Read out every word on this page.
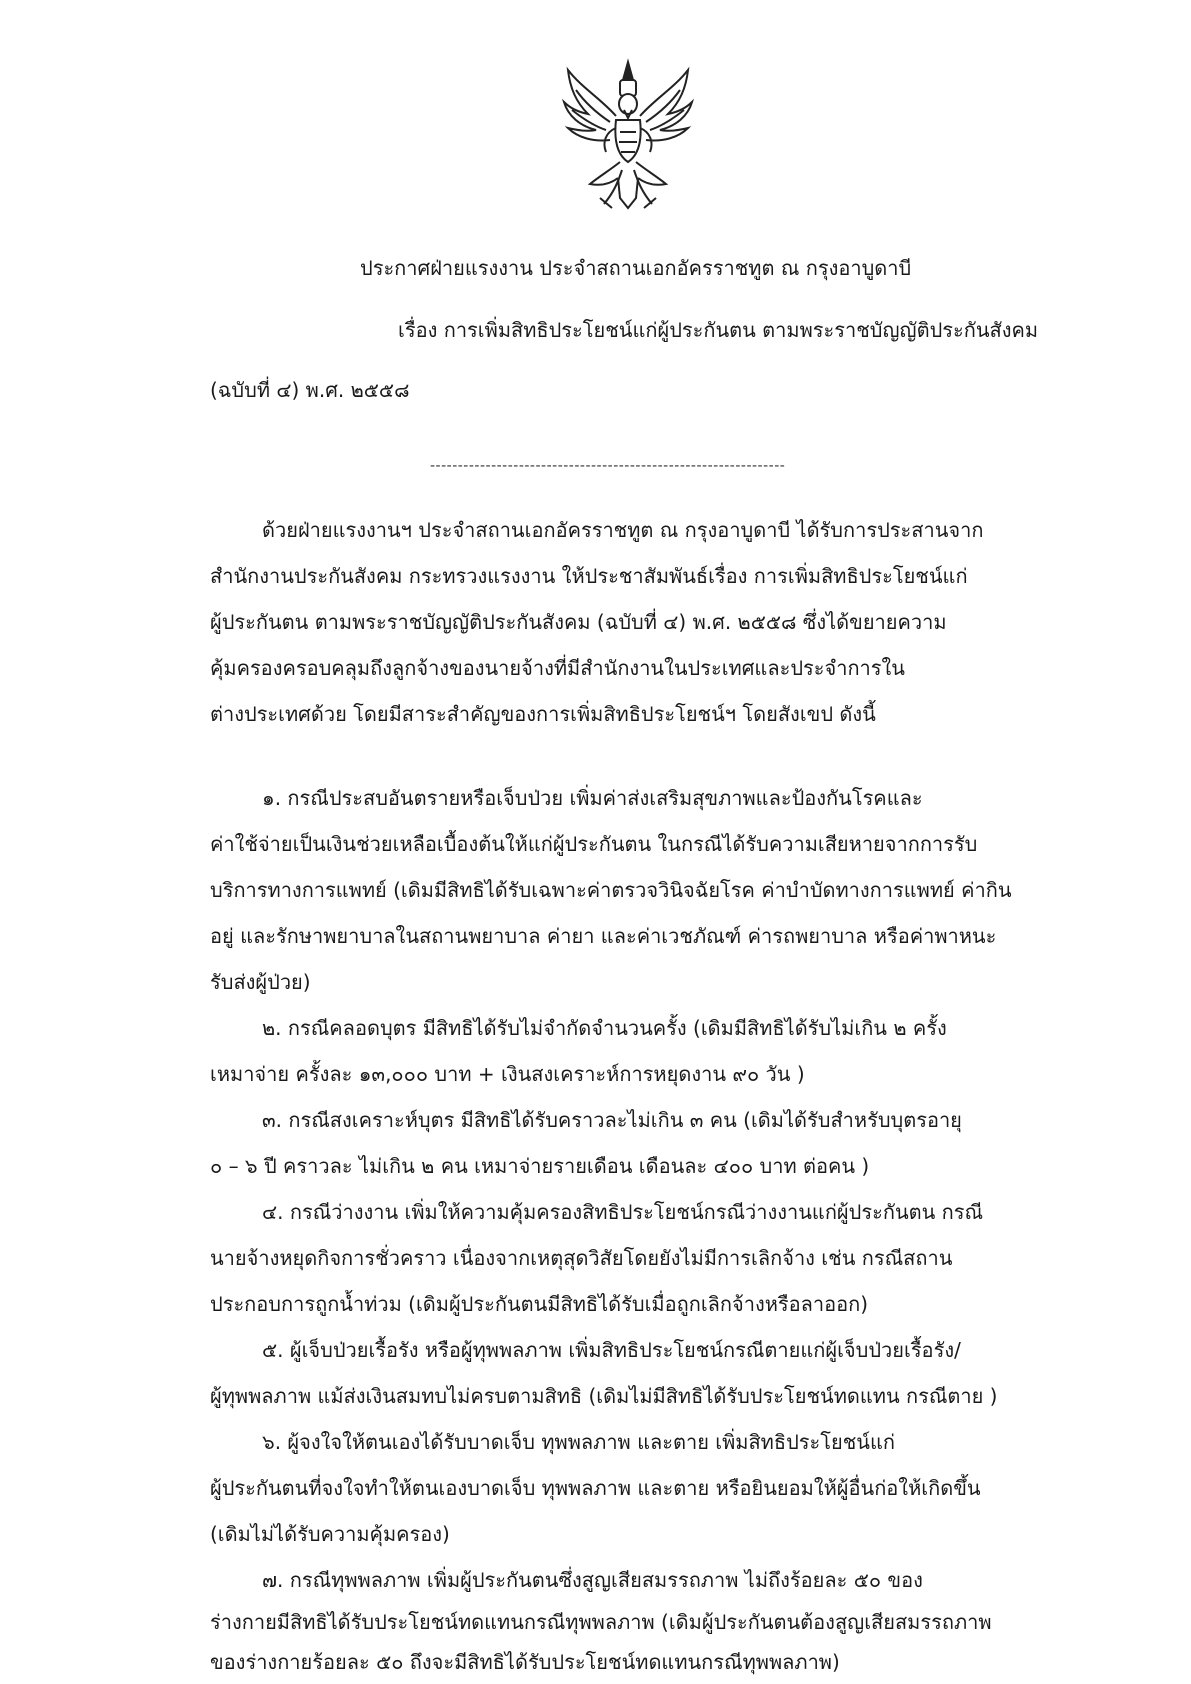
ประกาศฝ่ายแรงงาน ประจำสถานเอกอัครราชทูต ณ กรุงอาบูดาบี
เรื่อง การเพิ่มสิทธิประโยชน์แก่ผู้ประกันตน ตามพระราชบัญญัติประกันสังคม
(ฉบับที่ ๔) พ.ศ. ๒๕๕๘
----------------------------------------------------------------
ด้วยฝ่ายแรงงานฯ ประจำสถานเอกอัครราชทูต ณ กรุงอาบูดาบี ได้รับการประสานจาก
สำนักงานประกันสังคม กระทรวงแรงงาน ให้ประชาสัมพันธ์เรื่อง การเพิ่มสิทธิประโยชน์แก่
ผู้ประกันตน ตามพระราชบัญญัติประกันสังคม (ฉบับที่ ๔) พ.ศ. ๒๕๕๘ ซึ่งได้ขยายความ
คุ้มครองครอบคลุมถึงลูกจ้างของนายจ้างที่มีสำนักงานในประเทศและประจำการใน
ต่างประเทศด้วย โดยมีสาระสำคัญของการเพิ่มสิทธิประโยชน์ฯ โดยสังเขป ดังนี้
๑. กรณีประสบอันตรายหรือเจ็บป่วย เพิ่มค่าส่งเสริมสุขภาพและป้องกันโรคและ
ค่าใช้จ่ายเป็นเงินช่วยเหลือเบื้องต้นให้แก่ผู้ประกันตน ในกรณีได้รับความเสียหายจากการรับ
บริการทางการแพทย์ (เดิมมีสิทธิได้รับเฉพาะค่าตรวจวินิจฉัยโรค ค่าบำบัดทางการแพทย์ ค่ากิน
อยู่ และรักษาพยาบาลในสถานพยาบาล ค่ายา และค่าเวชภัณฑ์ ค่ารถพยาบาล หรือค่าพาหนะ
รับส่งผู้ป่วย)
๒. กรณีคลอดบุตร มีสิทธิได้รับไม่จำกัดจำนวนครั้ง (เดิมมีสิทธิได้รับไม่เกิน ๒ ครั้ง
เหมาจ่าย ครั้งละ ๑๓,๐๐๐ บาท + เงินสงเคราะห์การหยุดงาน ๙๐ วัน )
๓. กรณีสงเคราะห์บุตร มีสิทธิได้รับคราวละไม่เกิน ๓ คน (เดิมได้รับสำหรับบุตรอายุ
๐ – ๖ ปี คราวละ ไม่เกิน ๒ คน เหมาจ่ายรายเดือน เดือนละ ๔๐๐ บาท ต่อคน )
๔. กรณีว่างงาน เพิ่มให้ความคุ้มครองสิทธิประโยชน์กรณีว่างงานแก่ผู้ประกันตน กรณี
นายจ้างหยุดกิจการชั่วคราว เนื่องจากเหตุสุดวิสัยโดยยังไม่มีการเลิกจ้าง เช่น กรณีสถาน
ประกอบการถูกน้ำท่วม (เดิมผู้ประกันตนมีสิทธิได้รับเมื่อถูกเลิกจ้างหรือลาออก)
๕. ผู้เจ็บป่วยเรื้อรัง หรือผู้ทุพพลภาพ เพิ่มสิทธิประโยชน์กรณีตายแก่ผู้เจ็บป่วยเรื้อรัง/
ผู้ทุพพลภาพ แม้ส่งเงินสมทบไม่ครบตามสิทธิ (เดิมไม่มีสิทธิได้รับประโยชน์ทดแทน กรณีตาย )
๖. ผู้จงใจให้ตนเองได้รับบาดเจ็บ ทุพพลภาพ และตาย เพิ่มสิทธิประโยชน์แก่
ผู้ประกันตนที่จงใจทำให้ตนเองบาดเจ็บ ทุพพลภาพ และตาย หรือยินยอมให้ผู้อื่นก่อให้เกิดขึ้น
(เดิมไม่ได้รับความคุ้มครอง)
๗. กรณีทุพพลภาพ เพิ่มผู้ประกันตนซึ่งสูญเสียสมรรถภาพ ไม่ถึงร้อยละ ๕๐ ของ
ร่างกายมีสิทธิได้รับประโยชน์ทดแทนกรณีทุพพลภาพ (เดิมผู้ประกันตนต้องสูญเสียสมรรถภาพ
ของร่างกายร้อยละ ๕๐ ถึงจะมีสิทธิได้รับประโยชน์ทดแทนกรณีทุพพลภาพ)
